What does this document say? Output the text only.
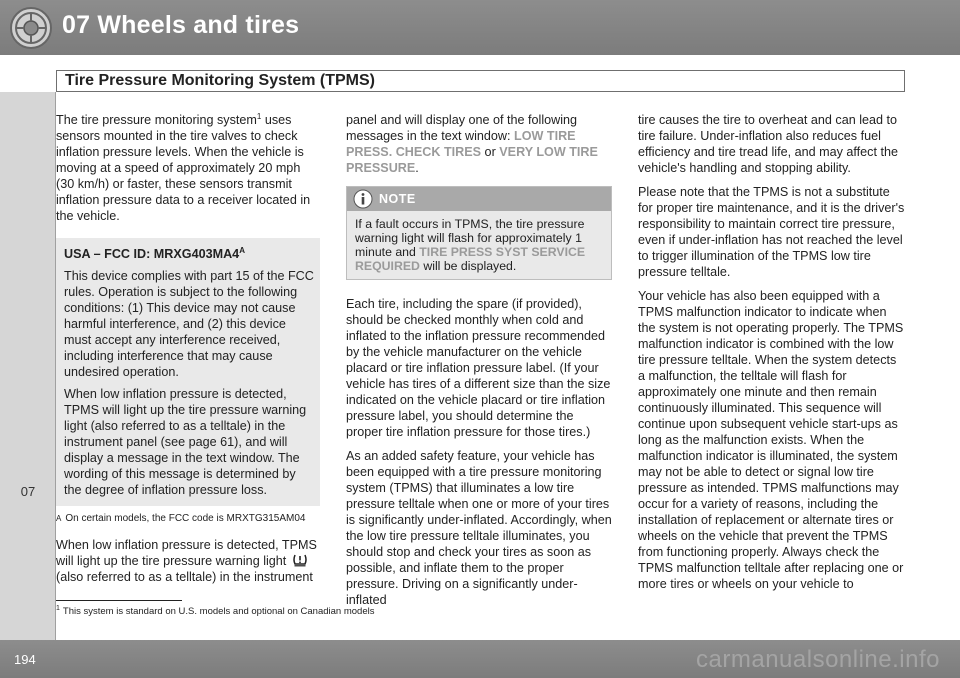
07 Wheels and tires
Tire Pressure Monitoring System (TPMS)
07

The tire pressure monitoring system$^1$ uses sensors mounted in the tire valves to check inflation pressure levels. When the vehicle is moving at a speed of approximately 20 mph (30 km/h) or faster, these sensors transmit inflation pressure data to a receiver located in the vehicle.

USA – FCC ID: $MRXG403MA4^A$

This device complies with part 15 of the FCC rules. Operation is subject to the following conditions: (1) This device may not cause harmful interference, and (2) this device must accept any interference received, including interference that may cause undesired operation.

When low inflation pressure is detected, TPMS will light up the tire pressure warning light (also referred to as a telltale) in the instrument panel (see page 61), and will display a message in the text window. The wording of this message is determined by the degree of inflation pressure loss.

A On certain models, the FCC code is MRXTG315AM04

When low inflation pressure is detected, TPMS will light up the tire pressure warning light  (also referred to as a telltale) in the instrument

panel and will display one of the following messages in the text window: LOW TIRE PRESS. CHECK TIRES or VERY LOW TIRE PRESSURE.

NOTE
If a fault occurs in TPMS, the tire pressure warning light will flash for approximately 1 minute and TIRE PRESS SYST SERVICE REQUIRED will be displayed.

Each tire, including the spare (if provided), should be checked monthly when cold and inflated to the inflation pressure recommended by the vehicle manufacturer on the vehicle placard or tire inflation pressure label. (If your vehicle has tires of a different size than the size indicated on the vehicle placard or tire inflation pressure label, you should determine the proper tire inflation pressure for those tires.)

As an added safety feature, your vehicle has been equipped with a tire pressure monitoring system (TPMS) that illuminates a low tire pressure telltale when one or more of your tires is significantly under-inflated. Accordingly, when the low tire pressure telltale illuminates, you should stop and check your tires as soon as possible, and inflate them to the proper pressure. Driving on a significantly under-inflated

tire causes the tire to overheat and can lead to tire failure. Under-inflation also reduces fuel efficiency and tire tread life, and may affect the vehicle's handling and stopping ability.

Please note that the TPMS is not a substitute for proper tire maintenance, and it is the driver's responsibility to maintain correct tire pressure, even if under-inflation has not reached the level to trigger illumination of the TPMS low tire pressure telltale.

Your vehicle has also been equipped with a TPMS malfunction indicator to indicate when the system is not operating properly. The TPMS malfunction indicator is combined with the low tire pressure telltale. When the system detects a malfunction, the telltale will flash for approximately one minute and then remain continuously illuminated. This sequence will continue upon subsequent vehicle start-ups as long as the malfunction exists. When the malfunction indicator is illuminated, the system may not be able to detect or signal low tire pressure as intended. TPMS malfunctions may occur for a variety of reasons, including the installation of replacement or alternate tires or wheels on the vehicle that prevent the TPMS from functioning properly. Always check the TPMS malfunction telltale after replacing one or more tires or wheels on your vehicle to

$^1$ This system is standard on U.S. models and optional on Canadian models
194	carmanualsonline.info
